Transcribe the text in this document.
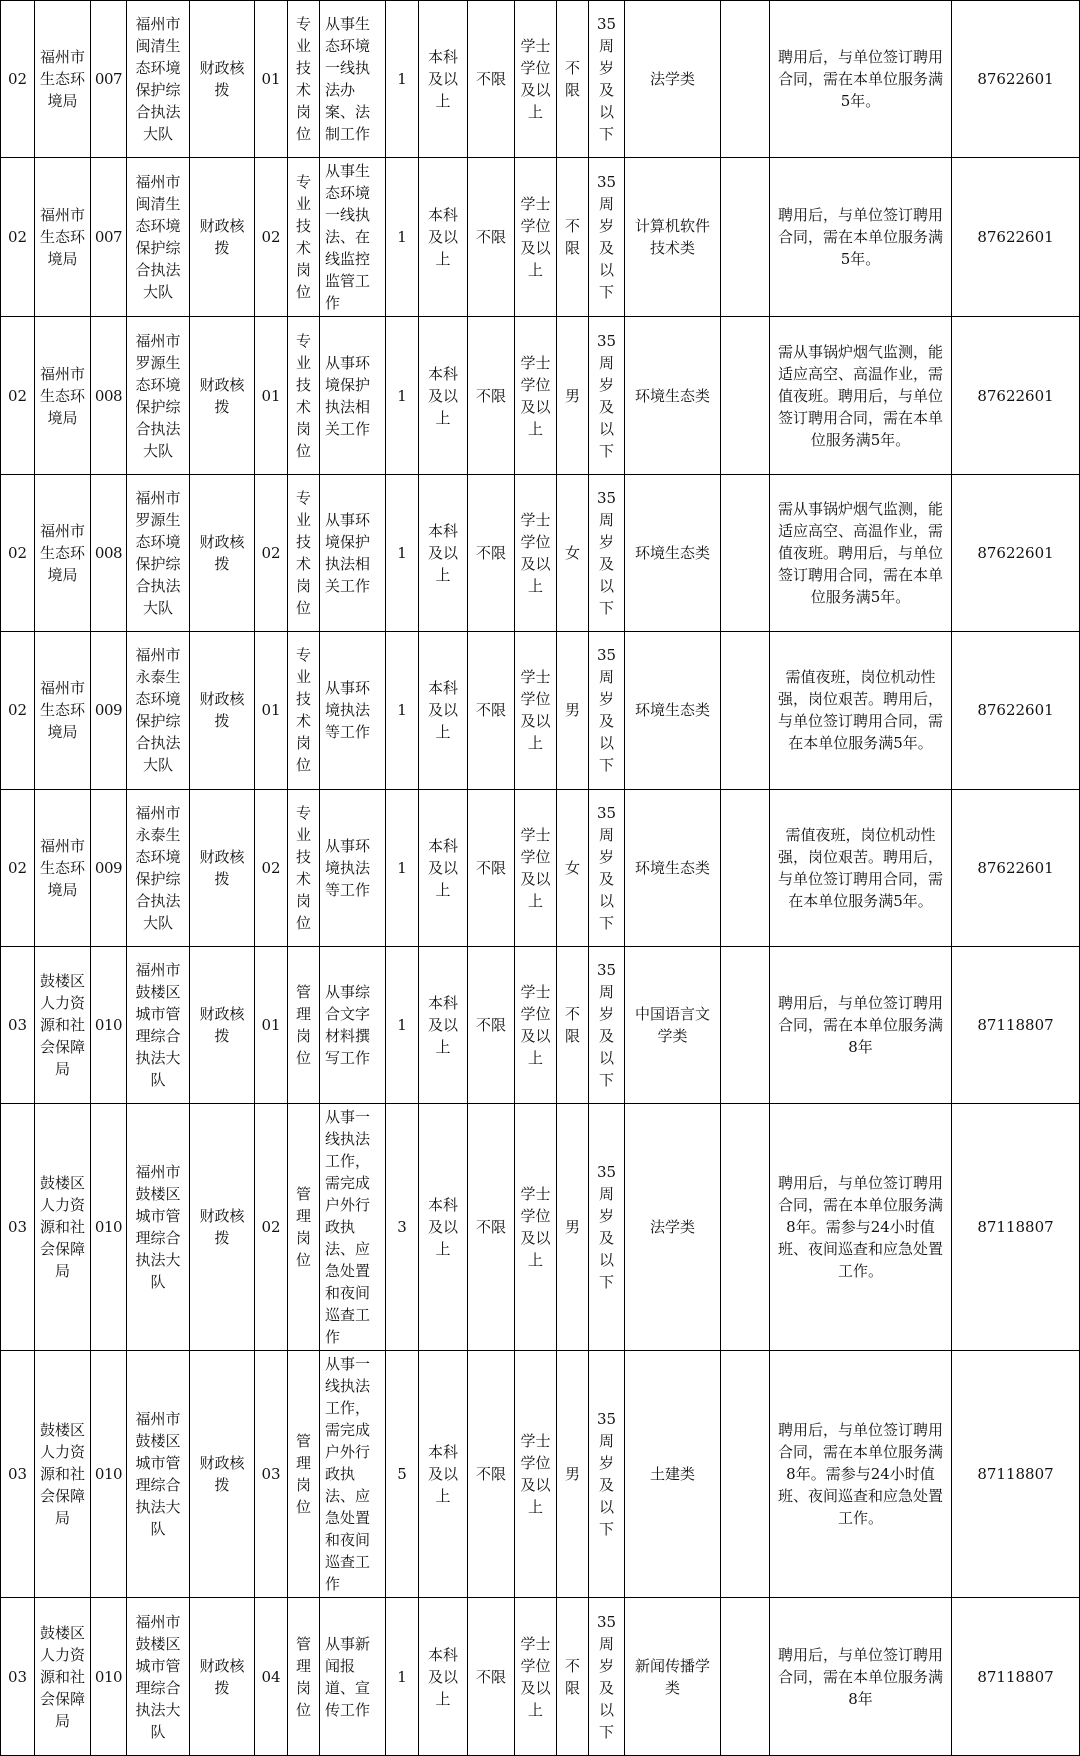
02	福州市生态环境局	007	福州市闽清生态环境保护综合执法大队	财政核拨	01	专业技术岗位	从事生态环境一线执法办案、法制工作	1	本科及以上	不限	学士学位及以上	不限	35周岁及以下	法学类		聘用后，与单位签订聘用合同，需在本单位服务满5年。	87622601
02	福州市生态环境局	007	福州市闽清生态环境保护综合执法大队	财政核拨	02	专业技术岗位	从事生态环境一线执法、在线监控监管工作	1	本科及以上	不限	学士学位及以上	不限	35周岁及以下	计算机软件技术类		聘用后，与单位签订聘用合同，需在本单位服务满5年。	87622601
02	福州市生态环境局	008	福州市罗源生态环境保护综合执法大队	财政核拨	01	专业技术岗位	从事环境保护执法相关工作	1	本科及以上	不限	学士学位及以上	男	35周岁及以下	环境生态类		需从事锅炉烟气监测，能适应高空、高温作业，需值夜班。聘用后，与单位签订聘用合同，需在本单位服务满5年。	87622601
02	福州市生态环境局	008	福州市罗源生态环境保护综合执法大队	财政核拨	02	专业技术岗位	从事环境保护执法相关工作	1	本科及以上	不限	学士学位及以上	女	35周岁及以下	环境生态类		需从事锅炉烟气监测，能适应高空、高温作业，需值夜班。聘用后，与单位签订聘用合同，需在本单位服务满5年。	87622601
02	福州市生态环境局	009	福州市永泰生态环境保护综合执法大队	财政核拨	01	专业技术岗位	从事环境执法等工作	1	本科及以上	不限	学士学位及以上	男	35周岁及以下	环境生态类		需值夜班，岗位机动性强，岗位艰苦。聘用后，与单位签订聘用合同，需在本单位服务满5年。	87622601
02	福州市生态环境局	009	福州市永泰生态环境保护综合执法大队	财政核拨	02	专业技术岗位	从事环境执法等工作	1	本科及以上	不限	学士学位及以上	女	35周岁及以下	环境生态类		需值夜班，岗位机动性强，岗位艰苦。聘用后，与单位签订聘用合同，需在本单位服务满5年。	87622601
03	鼓楼区人力资源和社会保障局	010	福州市鼓楼区城市管理综合执法大队	财政核拨	01	管理岗位	从事综合文字材料撰写工作	1	本科及以上	不限	学士学位及以上	不限	35周岁及以下	中国语言文学类		聘用后，与单位签订聘用合同，需在本单位服务满8年	87118807
03	鼓楼区人力资源和社会保障局	010	福州市鼓楼区城市管理综合执法大队	财政核拨	02	管理岗位	从事一线执法工作，需完成户外行政执法、应急处置和夜间巡查工作	3	本科及以上	不限	学士学位及以上	男	35周岁及以下	法学类		聘用后，与单位签订聘用合同，需在本单位服务满8年。需参与24小时值班、夜间巡查和应急处置工作。	87118807
03	鼓楼区人力资源和社会保障局	010	福州市鼓楼区城市管理综合执法大队	财政核拨	03	管理岗位	从事一线执法工作，需完成户外行政执法、应急处置和夜间巡查工作	5	本科及以上	不限	学士学位及以上	男	35周岁及以下	土建类		聘用后，与单位签订聘用合同，需在本单位服务满8年。需参与24小时值班、夜间巡查和应急处置工作。	87118807
03	鼓楼区人力资源和社会保障局	010	福州市鼓楼区城市管理综合执法大队	财政核拨	04	管理岗位	从事新闻报道、宣传工作	1	本科及以上	不限	学士学位及以上	不限	35周岁及以下	新闻传播学类		聘用后，与单位签订聘用合同，需在本单位服务满8年	87118807
